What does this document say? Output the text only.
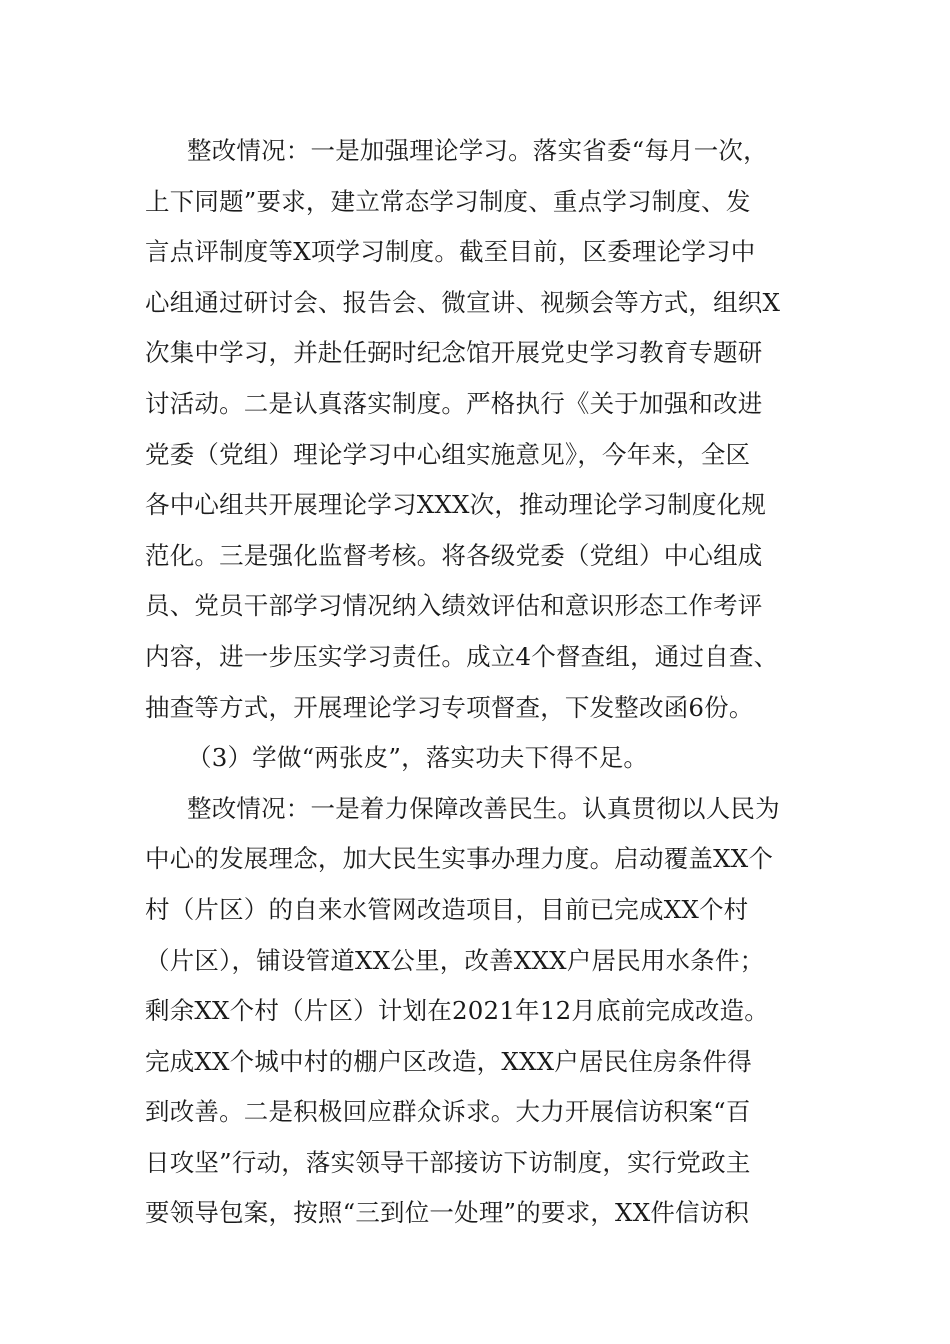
整改情况：一是加强理论学习。落实省委“每月一次，
上下同题”要求，建立常态学习制度、重点学习制度、发
言点评制度等X项学习制度。截至目前，区委理论学习中
心组通过研讨会、报告会、微宣讲、视频会等方式，组织X
次集中学习，并赴任弼时纪念馆开展党史学习教育专题研
讨活动。二是认真落实制度。严格执行《关于加强和改进
党委（党组）理论学习中心组实施意见》，今年来，全区
各中心组共开展理论学习XXX次，推动理论学习制度化规
范化。三是强化监督考核。将各级党委（党组）中心组成
员、党员干部学习情况纳入绩效评估和意识形态工作考评
内容，进一步压实学习责任。成立4个督查组，通过自查、
抽查等方式，开展理论学习专项督查，下发整改函6份。
（3）学做“两张皮”，落实功夫下得不足。
整改情况：一是着力保障改善民生。认真贯彻以人民为
中心的发展理念，加大民生实事办理力度。启动覆盖XX个
村（片区）的自来水管网改造项目，目前已完成XX个村
（片区），铺设管道XX公里，改善XXX户居民用水条件；
剩余XX个村（片区）计划在2021年12月底前完成改造。
完成XX个城中村的棚户区改造，XXX户居民住房条件得
到改善。二是积极回应群众诉求。大力开展信访积案“百
日攻坚”行动，落实领导干部接访下访制度，实行党政主
要领导包案，按照“三到位一处理”的要求，XX件信访积
